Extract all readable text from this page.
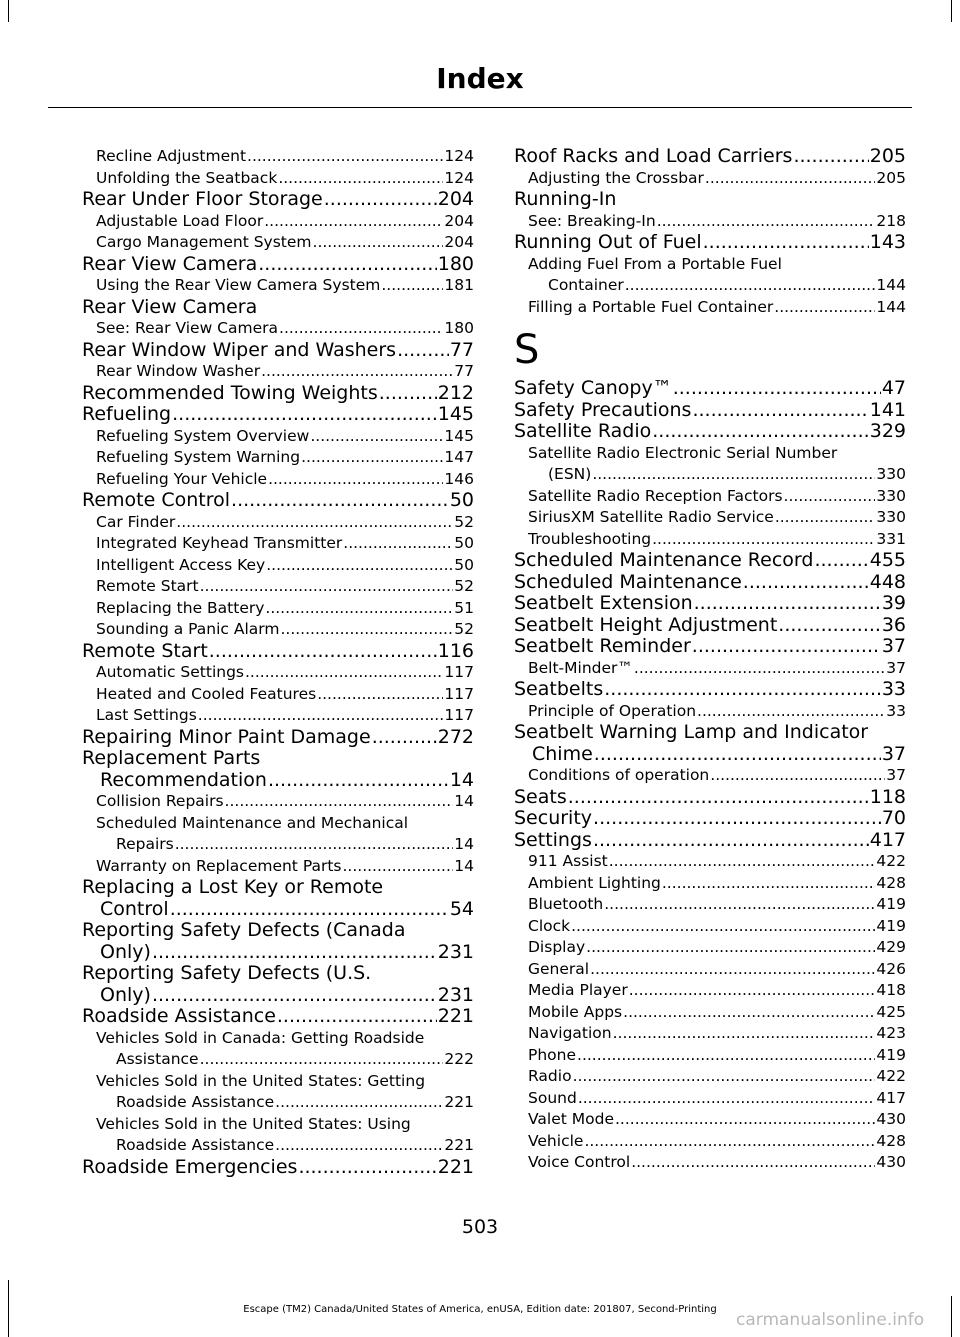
Index
Recline Adjustment .....	124
Unfolding the Seatback .....	124
Rear Under Floor Storage .....	204
Adjustable Load Floor .....	204
Cargo Management System .....	204
Rear View Camera .....	180
Using the Rear View Camera System .....	181
Rear View Camera
See: Rear View Camera .....	180
Rear Window Wiper and Washers .....	77
Rear Window Washer .....	77
Recommended Towing Weights .....	212
Refueling .....	145
Refueling System Overview .....	145
Refueling System Warning .....	147
Refueling Your Vehicle .....	146
Remote Control .....	50
Car Finder .....	52
Integrated Keyhead Transmitter .....	50
Intelligent Access Key .....	50
Remote Start .....	52
Replacing the Battery .....	51
Sounding a Panic Alarm .....	52
Remote Start .....	116
Automatic Settings .....	117
Heated and Cooled Features .....	117
Last Settings .....	117
Repairing Minor Paint Damage .....	272
Replacement Parts
Recommendation .....	14
Collision Repairs .....	14
Scheduled Maintenance and Mechanical
Repairs .....	14
Warranty on Replacement Parts .....	14
Replacing a Lost Key or Remote
Control .....	54
Reporting Safety Defects (Canada
Only) .....	231
Reporting Safety Defects (U.S.
Only) .....	231
Roadside Assistance .....	221
Vehicles Sold in Canada: Getting Roadside
Assistance .....	222
Vehicles Sold in the United States: Getting
Roadside Assistance .....	221
Vehicles Sold in the United States: Using
Roadside Assistance .....	221
Roadside Emergencies .....	221
Roof Racks and Load Carriers .....	205
Adjusting the Crossbar .....	205
Running-In
See: Breaking-In .....	218
Running Out of Fuel .....	143
Adding Fuel From a Portable Fuel
Container .....	144
Filling a Portable Fuel Container .....	144
S
Safety Canopy™ .....	47
Safety Precautions .....	141
Satellite Radio .....	329
Satellite Radio Electronic Serial Number
(ESN) .....	330
Satellite Radio Reception Factors .....	330
SiriusXM Satellite Radio Service .....	330
Troubleshooting .....	331
Scheduled Maintenance Record .....	455
Scheduled Maintenance .....	448
Seatbelt Extension .....	39
Seatbelt Height Adjustment .....	36
Seatbelt Reminder .....	37
Belt-Minder™ .....	37
Seatbelts .....	33
Principle of Operation .....	33
Seatbelt Warning Lamp and Indicator
Chime .....	37
Conditions of operation .....	37
Seats .....	118
Security .....	70
Settings .....	417
911 Assist .....	422
Ambient Lighting .....	428
Bluetooth .....	419
Clock .....	419
Display .....	429
General .....	426
Media Player .....	418
Mobile Apps .....	425
Navigation .....	423
Phone .....	419
Radio .....	422
Sound .....	417
Valet Mode .....	430
Vehicle .....	428
Voice Control .....	430
503
Escape (TM2) Canada/United States of America, enUSA, Edition date: 201807, Second-Printing
carmanualsonline.info
